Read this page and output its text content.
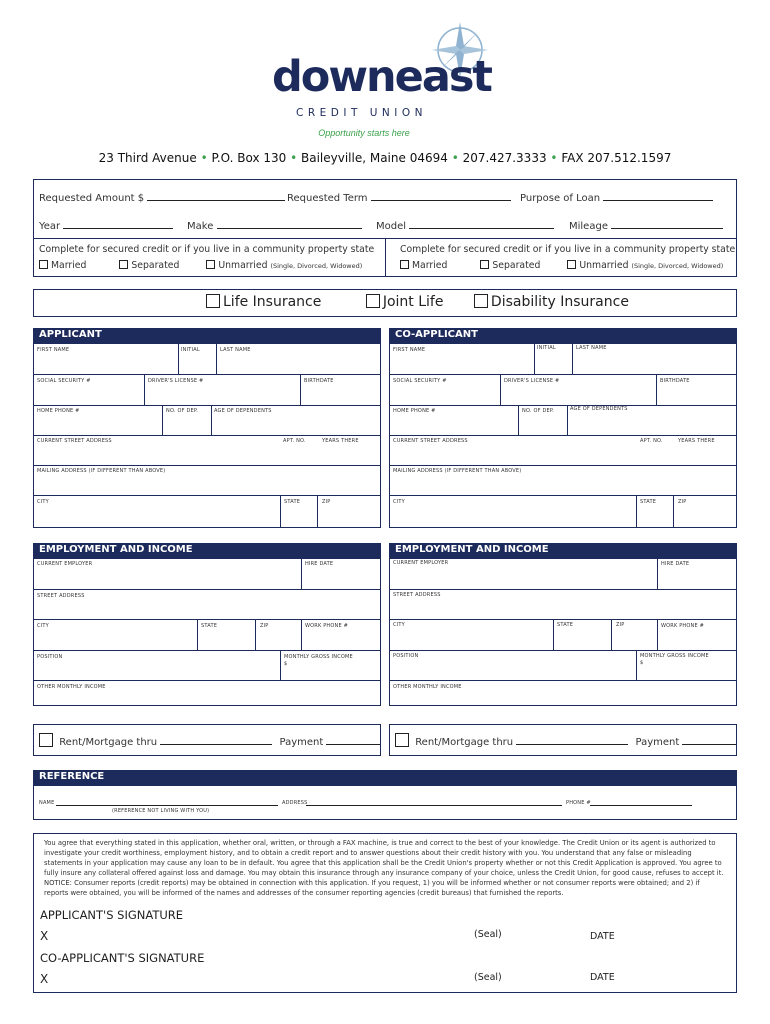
downeast
CREDIT UNION
Opportunity starts here
23 Third Avenue • P.O. Box 130 • Baileyville, Maine 04694 • 207.427.3333 • FAX 207.512.1597
Requested Amount $	Requested Term	Purpose of Loan
Year	Make	Model	Mileage
Complete for secured credit or if you live in a community property state
Married	Separated	Unmarried (Single, Divorced, Widowed)
Complete for secured credit or if you live in a community property state
Married	Separated	Unmarried (Single, Divorced, Widowed)
Life Insurance	Joint Life	Disability Insurance
APPLICANT
FIRST NAME	INITIAL	LAST NAME
SOCIAL SECURITY #	DRIVER'S LICENSE #	BIRTHDATE
HOME PHONE #	NO. OF DEP.	AGE OF DEPENDENTS
CURRENT STREET ADDRESS	APT. NO.	YEARS THERE
MAILING ADDRESS (IF DIFFERENT THAN ABOVE)
CITY	STATE	ZIP
CO-APPLICANT
FIRST NAME	INITIAL	LAST NAME
SOCIAL SECURITY #	DRIVER'S LICENSE #	BIRTHDATE
HOME PHONE #	NO. OF DEP.	AGE OF DEPENDENTS
CURRENT STREET ADDRESS	APT. NO.	YEARS THERE
MAILING ADDRESS (IF DIFFERENT THAN ABOVE)
CITY	STATE	ZIP
EMPLOYMENT AND INCOME
CURRENT EMPLOYER	HIRE DATE
STREET ADDRESS
CITY	STATE	ZIP	WORK PHONE #
POSITION	MONTHLY GROSS INCOME
$
OTHER MONTHLY INCOME
EMPLOYMENT AND INCOME
CURRENT EMPLOYER	HIRE DATE
STREET ADDRESS
CITY	STATE	ZIP	WORK PHONE #
POSITION	MONTHLY GROSS INCOME
$
OTHER MONTHLY INCOME
Rent/Mortgage thru	Payment	Rent/Mortgage thru	Payment
REFERENCE
NAME
(REFERENCE NOT LIVING WITH YOU)
ADDRESS	PHONE #
You agree that everything stated in this application, whether oral, written, or through a FAX machine, is true and correct to the best of your knowledge. The Credit Union or its agent is authorized to investigate your credit worthiness, employment history, and to obtain a credit report and to answer questions about their credit history with you. You understand that any false or misleading statements in your application may cause any loan to be in default. You agree that this application shall be the Credit Union's property whether or not this Credit Application is approved. You agree to fully insure any collateral offered against loss and damage. You may obtain this insurance through any insurance company of your choice, unless the Credit Union, for good cause, refuses to accept it. NOTICE: Consumer reports (credit reports) may be obtained in connection with this application. If you request, 1) you will be informed whether or not consumer reports were obtained; and 2) if reports were obtained, you will be informed of the names and addresses of the consumer reporting agencies (credit bureaus) that furnished the reports.
APPLICANT'S SIGNATURE
X	(Seal)	DATE
CO-APPLICANT'S SIGNATURE
X	(Seal)	DATE
